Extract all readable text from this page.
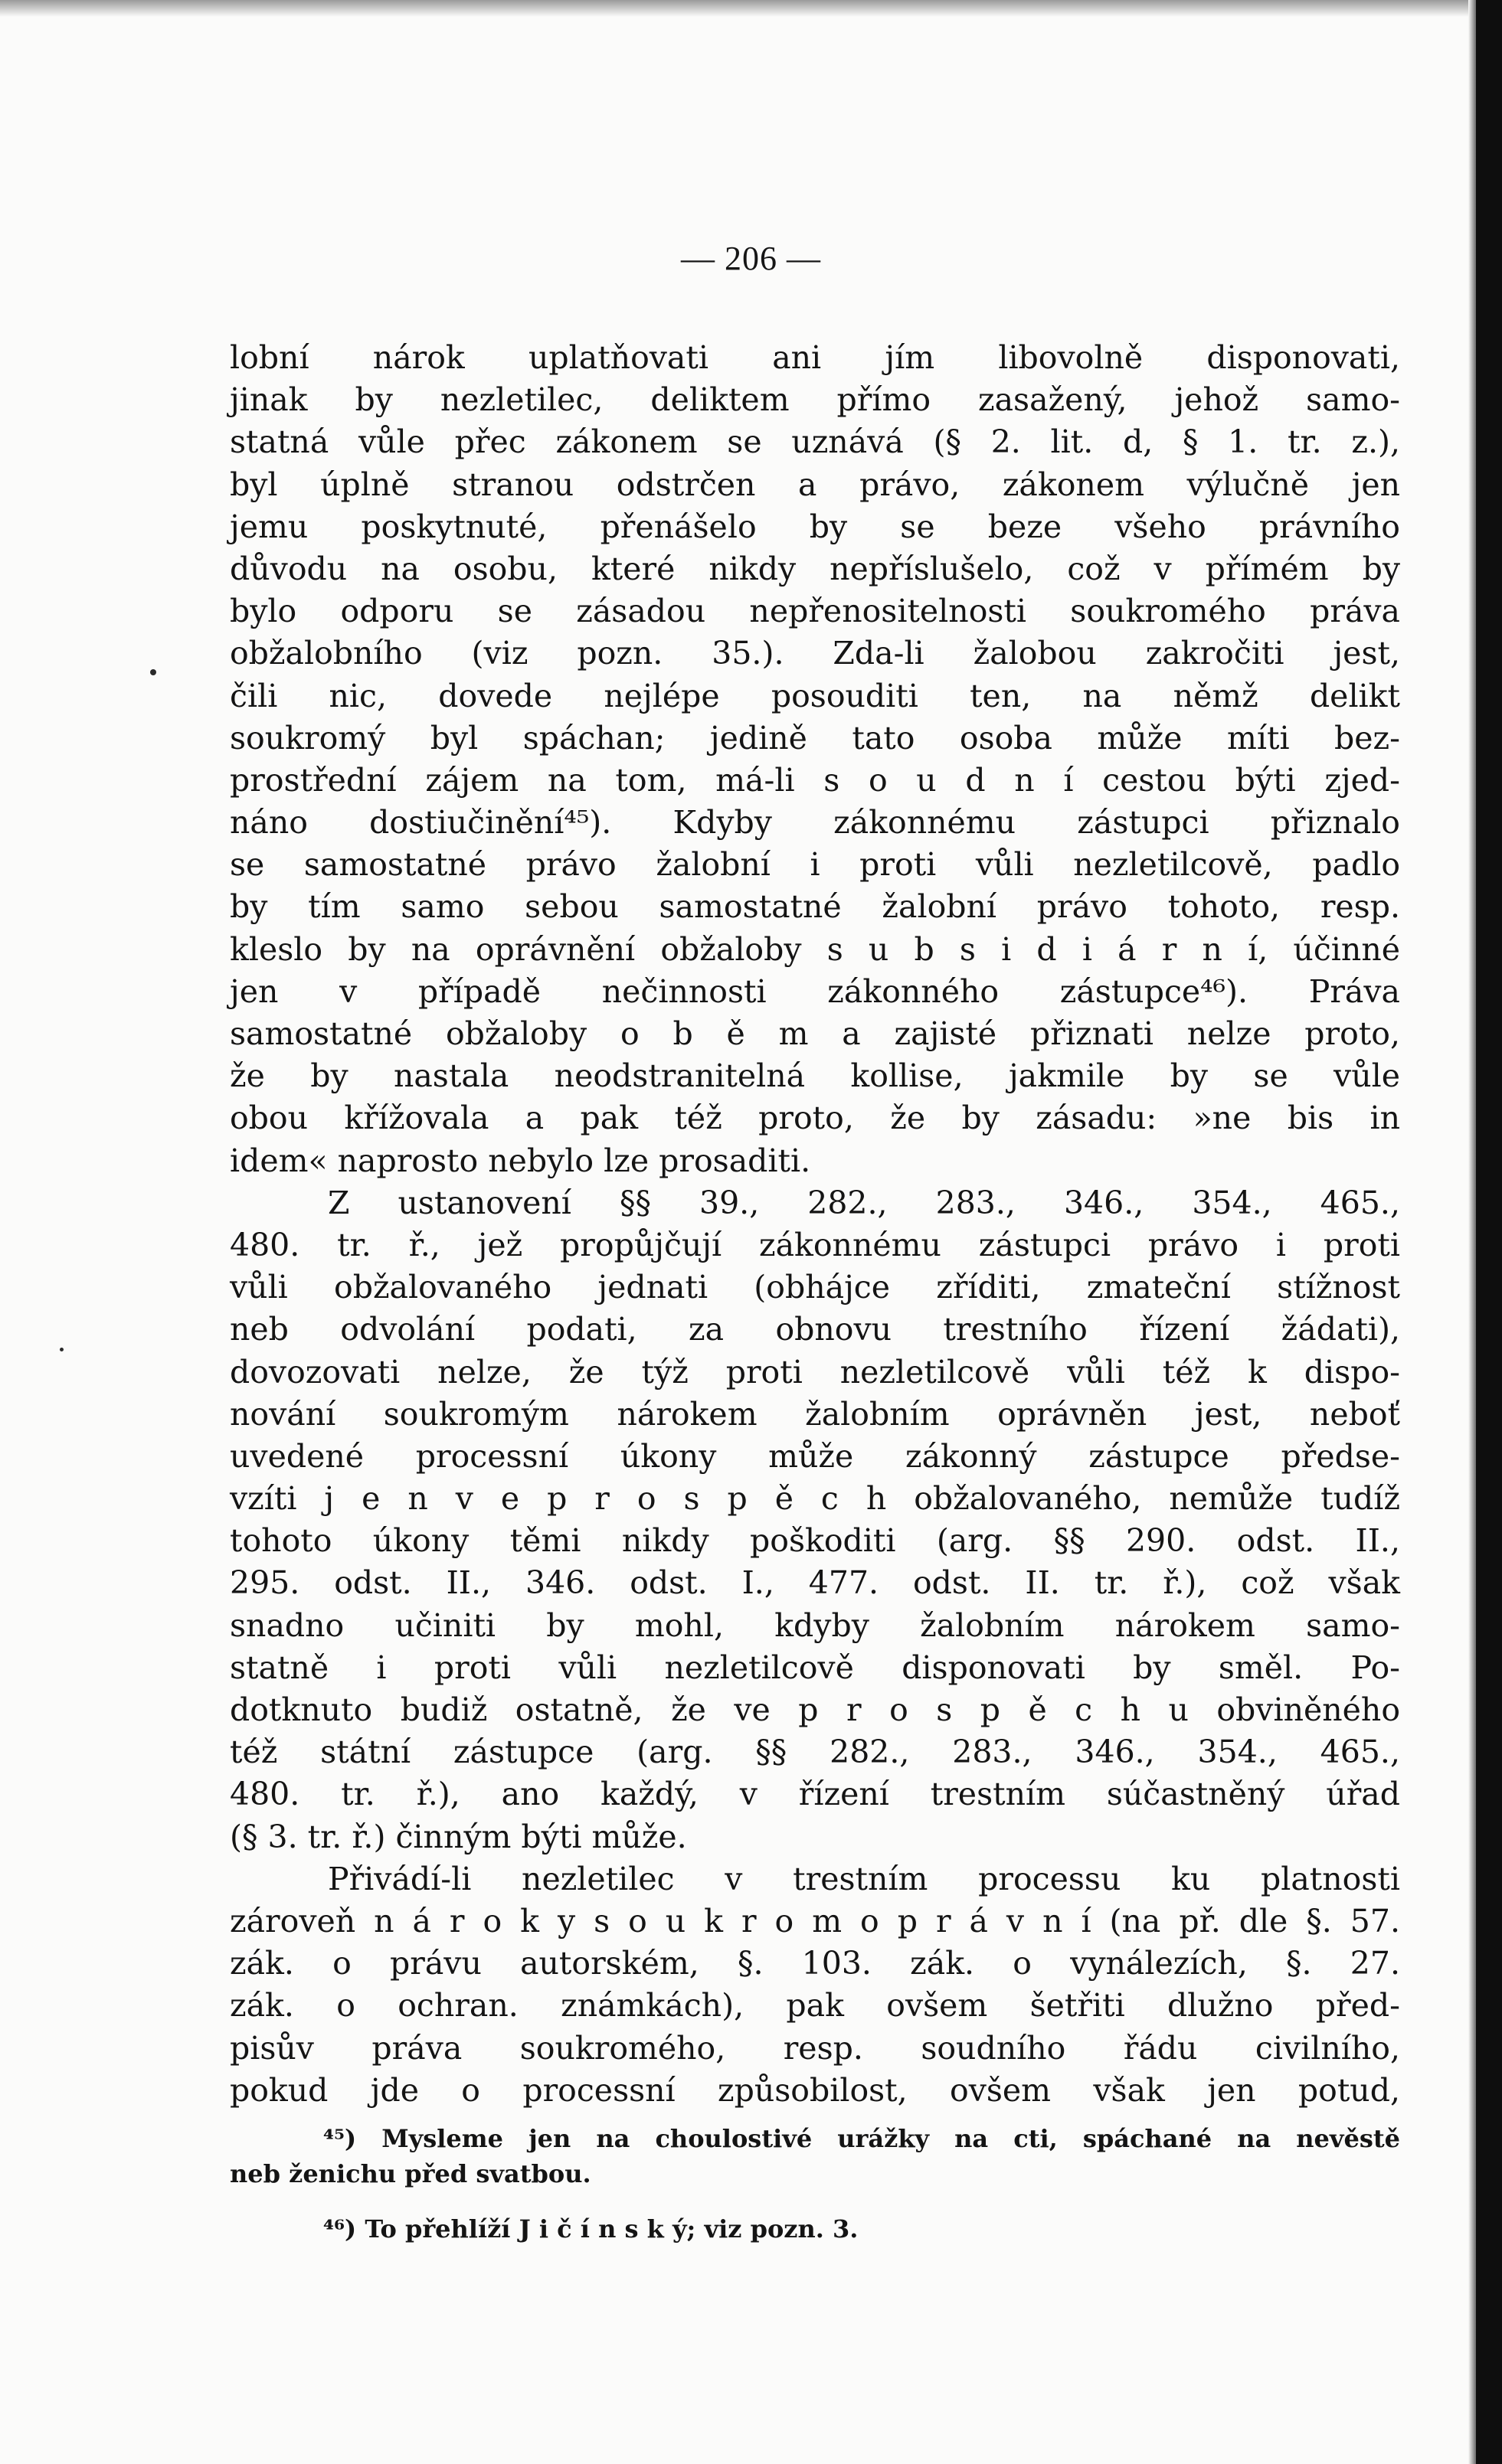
— 206 —
lobní nárok uplatňovati ani jím libovolně disponovati,
jinak by nezletilec, deliktem přímo zasažený, jehož samo-
statná vůle přec zákonem se uznává (§ 2. lit. d, § 1. tr. z.),
byl úplně stranou odstrčen a právo, zákonem výlučně jen
jemu poskytnuté, přenášelo by se beze všeho právního
důvodu na osobu, které nikdy nepříslušelo, což v přímém by
bylo odporu se zásadou nepřenositelnosti soukromého práva
obžalobního (viz pozn. 35.). Zda-li žalobou zakročiti jest,
čili nic, dovede nejlépe posouditi ten, na němž delikt
soukromý byl spáchan; jedině tato osoba může míti bez-
prostřední zájem na tom, má-li s o u d n í cestou býti zjed-
náno dostiučinění⁴⁵). Kdyby zákonnému zástupci přiznalo
se samostatné právo žalobní i proti vůli nezletilcově, padlo
by tím samo sebou samostatné žalobní právo tohoto, resp.
kleslo by na oprávnění obžaloby s u b s i d i á r n í, účinné
jen v případě nečinnosti zákonného zástupce⁴⁶). Práva
samostatné obžaloby o b ě m a zajisté přiznati nelze proto,
že by nastala neodstranitelná kollise, jakmile by se vůle
obou křížovala a pak též proto, že by zásadu: »ne bis in
idem« naprosto nebylo lze prosaditi.
Z ustanovení §§ 39., 282., 283., 346., 354., 465.,
480. tr. ř., jež propůjčují zákonnému zástupci právo i proti
vůli obžalovaného jednati (obhájce zříditi, zmateční stížnost
neb odvolání podati, za obnovu trestního řízení žádati),
dovozovati nelze, že týž proti nezletilcově vůli též k dispo-
nování soukromým nárokem žalobním oprávněn jest, neboť
uvedené processní úkony může zákonný zástupce předse-
vzíti j e n v e p r o s p ě c h obžalovaného, nemůže tudíž
tohoto úkony těmi nikdy poškoditi (arg. §§ 290. odst. II.,
295. odst. II., 346. odst. I., 477. odst. II. tr. ř.), což však
snadno učiniti by mohl, kdyby žalobním nárokem samo-
statně i proti vůli nezletilcově disponovati by směl. Po-
dotknuto budiž ostatně, že ve p r o s p ě c h u obviněného
též státní zástupce (arg. §§ 282., 283., 346., 354., 465.,
480. tr. ř.), ano každý, v řízení trestním súčastněný úřad
(§ 3. tr. ř.) činným býti může.
Přivádí-li nezletilec v trestním processu ku platnosti
zároveň n á r o k y s o u k r o m o p r á v n í (na př. dle §. 57.
zák. o právu autorském, §. 103. zák. o vynálezích, §. 27.
zák. o ochran. známkách), pak ovšem šetřiti dlužno před-
pisův práva soukromého, resp. soudního řádu civilního,
pokud jde o processní způsobilost, ovšem však jen potud,
⁴⁵) Mysleme jen na choulostivé urážky na cti, spáchané na nevěstě
neb ženichu před svatbou.
⁴⁶) To přehlíží J i č í n s k ý; viz pozn. 3.
